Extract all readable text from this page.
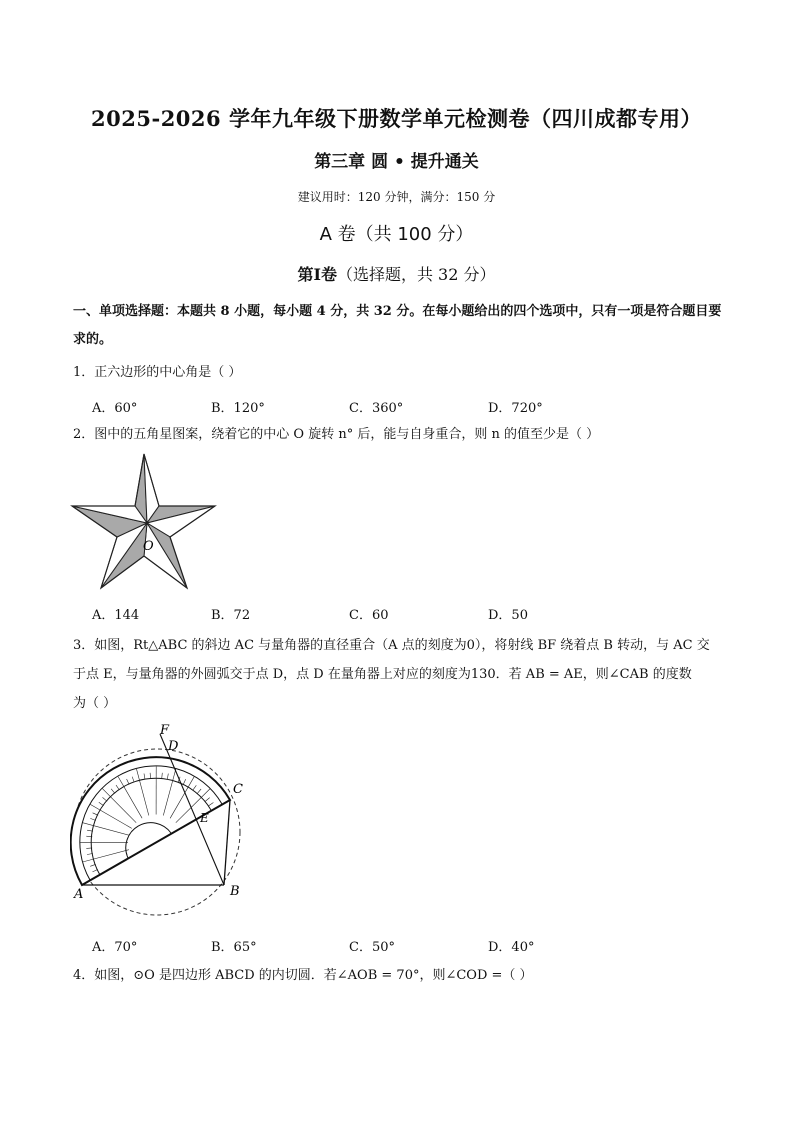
2025-2026 学年九年级下册数学单元检测卷（四川成都专用）
第三章 圆 • 提升通关
建议用时：120 分钟，满分：150 分
A 卷（共 100 分）
第Ⅰ卷（选择题，共 32 分）
一、单项选择题：本题共 8 小题，每小题 4 分，共 32 分。在每小题给出的四个选项中，只有一项是符合题目要求的。
1．正六边形的中心角是（ ）
A．60°	B．120°	C．360°	D．720°
2．图中的五角星图案，绕着它的中心 O 旋转 n° 后，能与自身重合，则 n 的值至少是（ ）
O
A．144	B．72	C．60	D．50
3．如图，Rt△ABC 的斜边 AC 与量角器的直径重合（A 点的刻度为0），将射线 BF 绕着点 B 转动，与 AC 交
于点 E，与量角器的外圆弧交于点 D，点 D 在量角器上对应的刻度为130．若 AB = AE，则∠CAB 的度数
为（ ）
F
D
C
E
A	B
A．70°	B．65°	C．50°	D．40°
4．如图，⊙O 是四边形 ABCD 的内切圆．若∠AOB = 70°，则∠COD =（ ）
